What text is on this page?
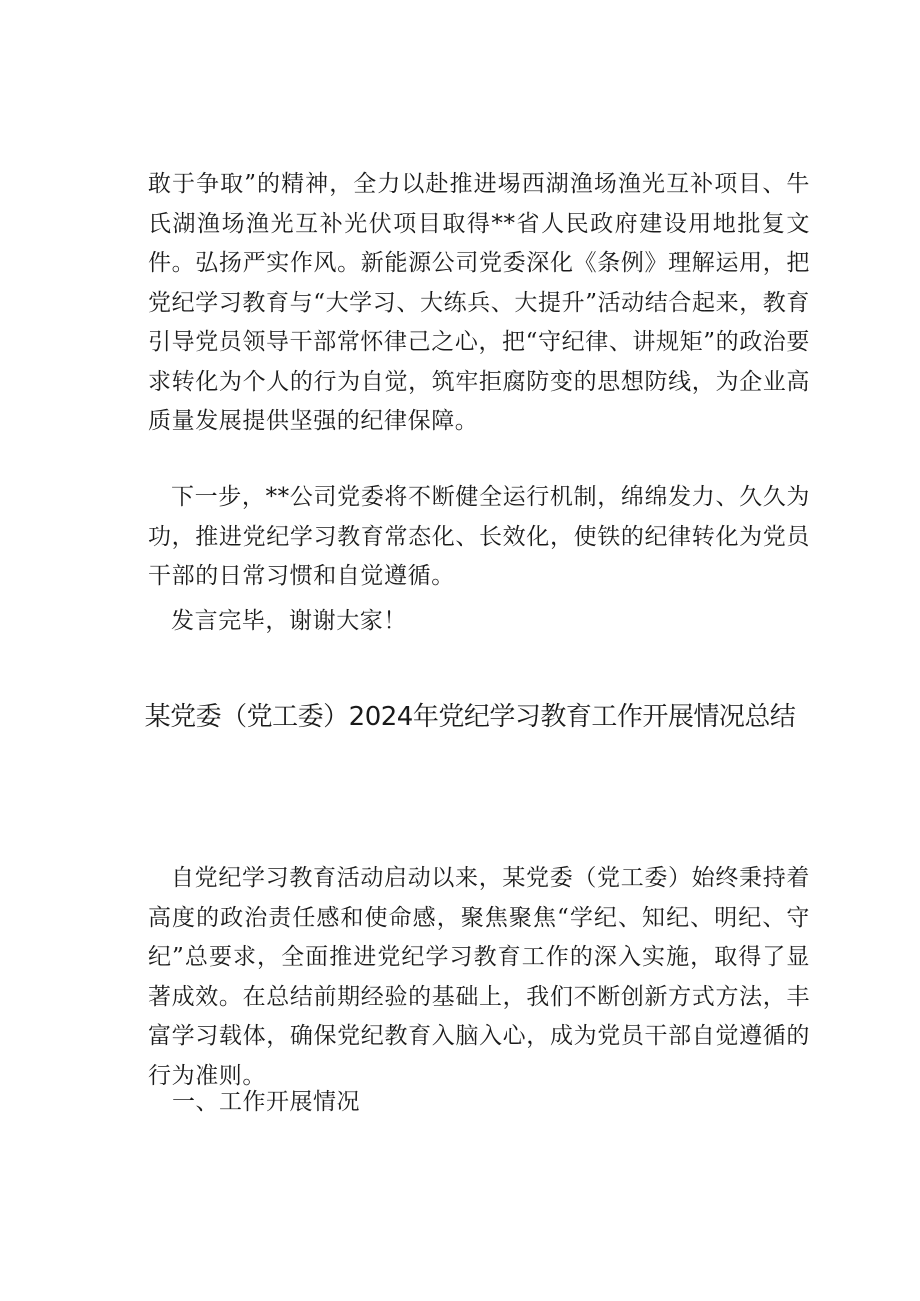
敢于争取”的精神，全力以赴推进埸西湖渔场渔光互补项目、牛氏湖渔场渔光互补光伏项目取得**省人民政府建设用地批复文件。弘扬严实作风。新能源公司党委深化《条例》理解运用，把党纪学习教育与“大学习、大练兵、大提升”活动结合起来，教育引导党员领导干部常怀律己之心，把“守纪律、讲规矩”的政治要求转化为个人的行为自觉，筑牢拒腐防变的思想防线，为企业高质量发展提供坚强的纪律保障。

下一步，**公司党委将不断健全运行机制，绵绵发力、久久为功，推进党纪学习教育常态化、长效化，使铁的纪律转化为党员干部的日常习惯和自觉遵循。

发言完毕，谢谢大家！

某党委（党工委）2024年党纪学习教育工作开展情况总结

自党纪学习教育活动启动以来，某党委（党工委）始终秉持着高度的政治责任感和使命感，聚焦聚焦“学纪、知纪、明纪、守纪”总要求，全面推进党纪学习教育工作的深入实施，取得了显著成效。在总结前期经验的基础上，我们不断创新方式方法，丰富学习载体，确保党纪教育入脑入心，成为党员干部自觉遵循的行为准则。

一、工作开展情况
